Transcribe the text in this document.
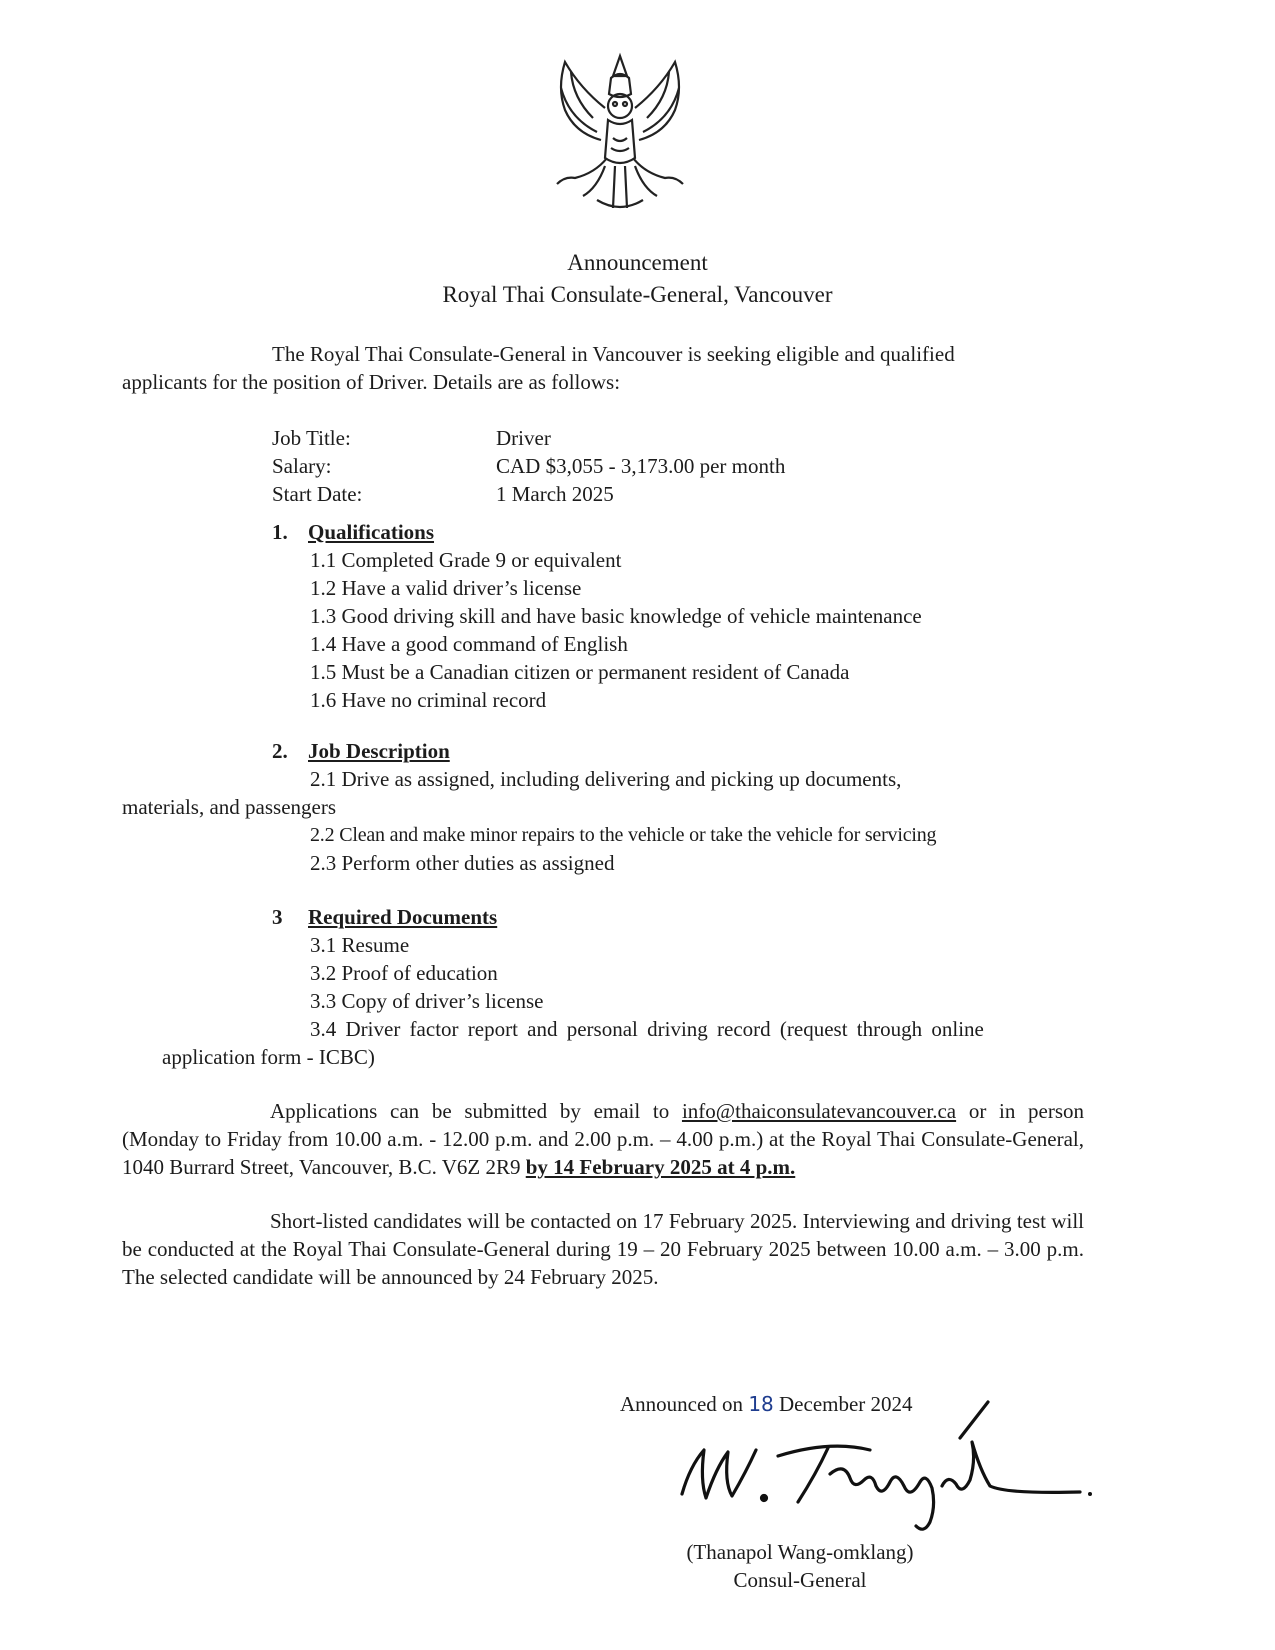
Announcement
Royal Thai Consulate-General, Vancouver
The Royal Thai Consulate-General in Vancouver is seeking eligible and qualified
applicants for the position of Driver. Details are as follows:
Job Title:	Driver
Salary:	CAD $3,055 - 3,173.00 per month
Start Date:	1 March 2025
1. Qualifications
1.1 Completed Grade 9 or equivalent
1.2 Have a valid driver’s license
1.3 Good driving skill and have basic knowledge of vehicle maintenance
1.4 Have a good command of English
1.5 Must be a Canadian citizen or permanent resident of Canada
1.6 Have no criminal record
2. Job Description
2.1 Drive as assigned, including delivering and picking up documents,
materials, and passengers
2.2 Clean and make minor repairs to the vehicle or take the vehicle for servicing
2.3 Perform other duties as assigned
3 Required Documents
3.1 Resume
3.2 Proof of education
3.3 Copy of driver’s license
3.4 Driver factor report and personal driving record (request through online
application form - ICBC)
Applications can be submitted by email to info@thaiconsulatevancouver.ca or in person (Monday to Friday from 10.00 a.m. - 12.00 p.m. and 2.00 p.m. – 4.00 p.m.) at the Royal Thai Consulate-General, 1040 Burrard Street, Vancouver, B.C. V6Z 2R9 by 14 February 2025 at 4 p.m.
Short-listed candidates will be contacted on 17 February 2025. Interviewing and driving test will be conducted at the Royal Thai Consulate-General during 19 – 20 February 2025 between 10.00 a.m. – 3.00 p.m. The selected candidate will be announced by 24 February 2025.
Announced on 18 December 2024
(Thanapol Wang-omklang)
Consul-General
